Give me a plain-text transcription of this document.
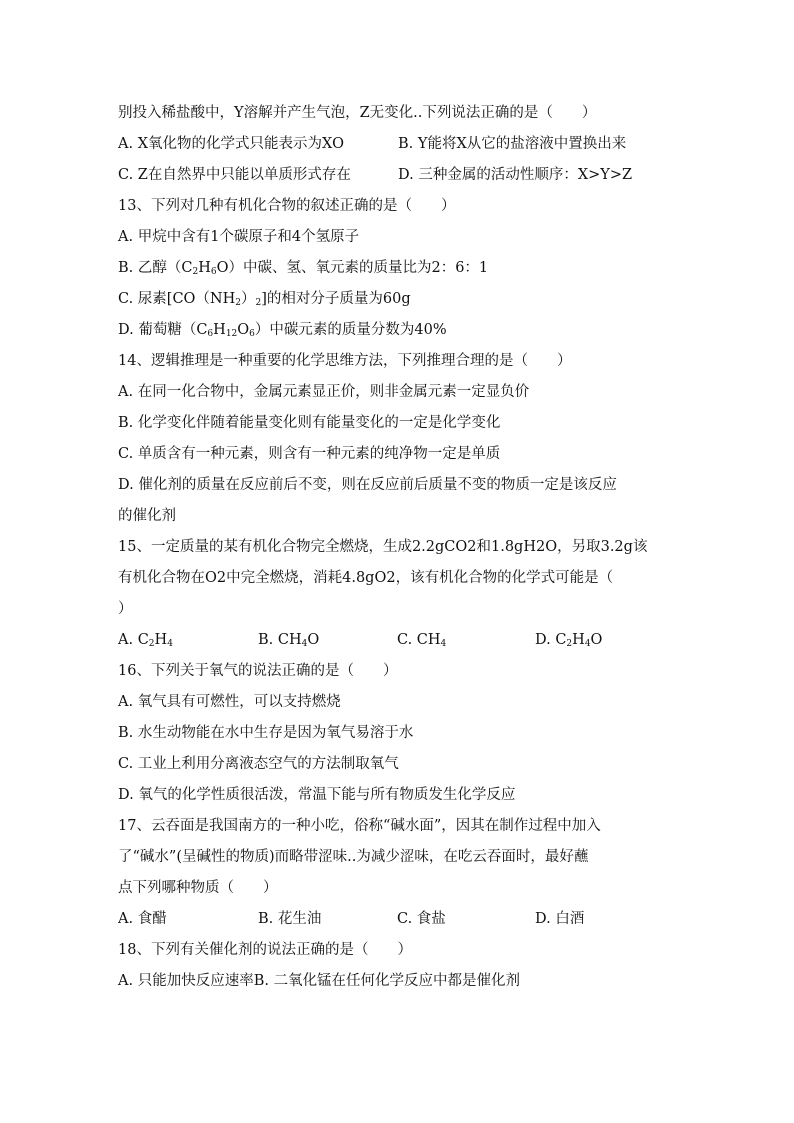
别投入稀盐酸中，Y溶解并产生气泡，Z无变化..下列说法正确的是（　　）
A. X氧化物的化学式只能表示为XO	B. Y能将X从它的盐溶液中置换出来
C. Z在自然界中只能以单质形式存在	D. 三种金属的活动性顺序：X>Y>Z
13、下列对几种有机化合物的叙述正确的是（　　）
A. 甲烷中含有1个碳原子和4个氢原子
B. 乙醇$(C_2H_6O)$中碳、氢、氧元素的质量比为2：6：1
C. 尿素$[CO(NH_2)_2]$的相对分子质量为60g
D. 葡萄糖$(C_6H_{12}O_6)$中碳元素的质量分数为40%
14、逻辑推理是一种重要的化学思维方法，下列推理合理的是（　　）
A. 在同一化合物中，金属元素显正价，则非金属元素一定显负价
B. 化学变化伴随着能量变化则有能量变化的一定是化学变化
C. 单质含有一种元素，则含有一种元素的纯净物一定是单质
D. 催化剂的质量在反应前后不变，则在反应前后质量不变的物质一定是该反应
的催化剂
15、一定质量的某有机化合物完全燃烧，生成2.2gCO2和1.8gH2O，另取3.2g该
有机化合物在O2中完全燃烧，消耗4.8gO2，该有机化合物的化学式可能是（
）
A. $C_2H_4$	B. $CH_4O$	C. $CH_4$	D. $C_2H_4O$
16、下列关于氧气的说法正确的是（　　）
A. 氧气具有可燃性，可以支持燃烧
B. 水生动物能在水中生存是因为氧气易溶于水
C. 工业上利用分离液态空气的方法制取氧气
D. 氧气的化学性质很活泼，常温下能与所有物质发生化学反应
17、云吞面是我国南方的一种小吃，俗称“碱水面”，因其在制作过程中加入
了“碱水”(呈碱性的物质)而略带涩味..为减少涩味，在吃云吞面时，最好蘸
点下列哪种物质（　　）
A. 食醋	B. 花生油	C. 食盐	D. 白酒
18、下列有关催化剂的说法正确的是（　　）
A. 只能加快反应速率B. 二氧化锰在任何化学反应中都是催化剂
